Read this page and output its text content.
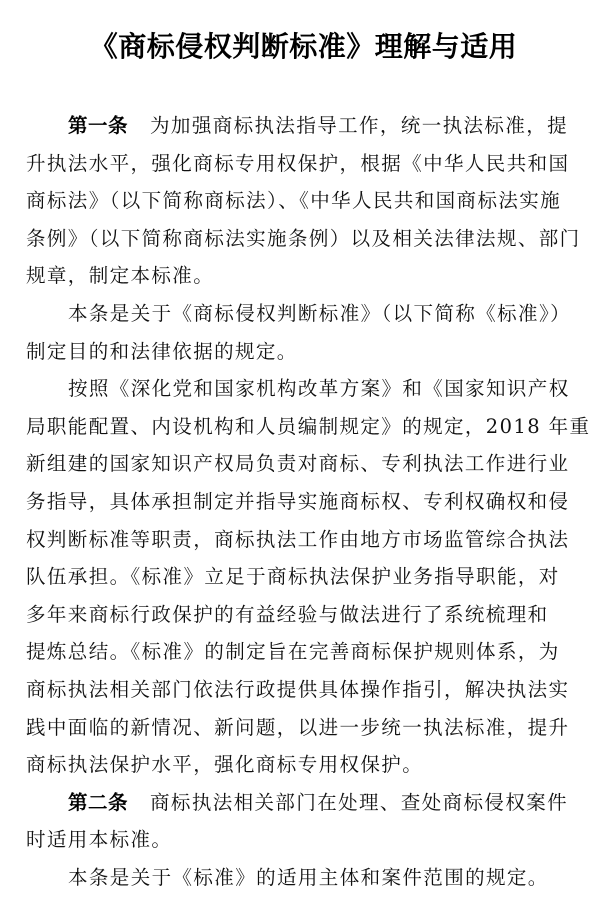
《商标侵权判断标准》理解与适用
第一条 为加强商标执法指导工作，统一执法标准，提
升执法水平，强化商标专用权保护，根据《中华人民共和国
商标法》（以下简称商标法）、《中华人民共和国商标法实施
条例》（以下简称商标法实施条例）以及相关法律法规、部门
规章，制定本标准。
本条是关于《商标侵权判断标准》（以下简称《标准》）
制定目的和法律依据的规定。
按照《深化党和国家机构改革方案》和《国家知识产权
局职能配置、内设机构和人员编制规定》的规定，2018 年重
新组建的国家知识产权局负责对商标、专利执法工作进行业
务指导，具体承担制定并指导实施商标权、专利权确权和侵
权判断标准等职责，商标执法工作由地方市场监管综合执法
队伍承担。《标准》立足于商标执法保护业务指导职能，对
多年来商标行政保护的有益经验与做法进行了系统梳理和
提炼总结。《标准》的制定旨在完善商标保护规则体系，为
商标执法相关部门依法行政提供具体操作指引，解决执法实
践中面临的新情况、新问题，以进一步统一执法标准，提升
商标执法保护水平，强化商标专用权保护。
第二条 商标执法相关部门在处理、查处商标侵权案件
时适用本标准。
本条是关于《标准》的适用主体和案件范围的规定。
